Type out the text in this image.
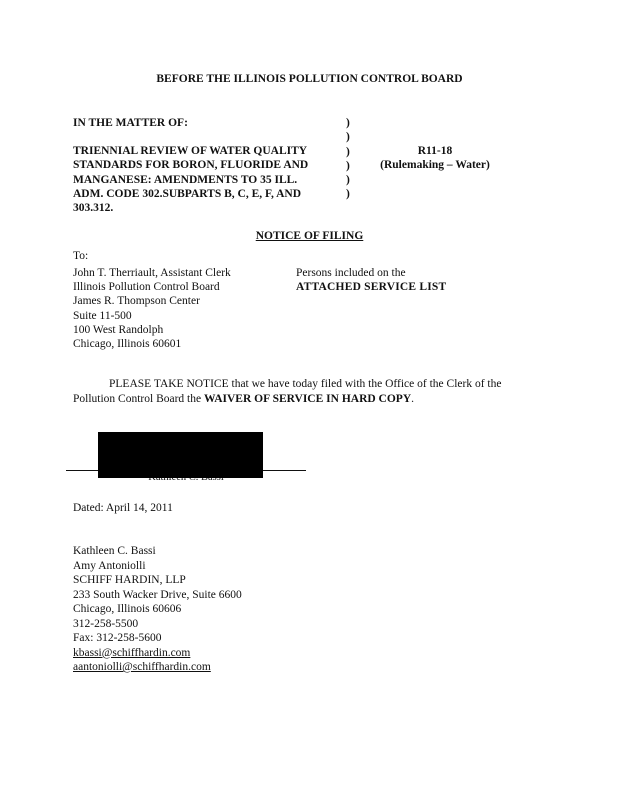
BEFORE THE ILLINOIS POLLUTION CONTROL BOARD
IN THE MATTER OF:
TRIENNIAL REVIEW OF WATER QUALITY
STANDARDS FOR BORON, FLUORIDE AND
MANGANESE: AMENDMENTS TO 35 ILL.
ADM. CODE 302.SUBPARTS B, C, E, F, AND
303.312.
)
)
)
)
)
)
R11-18
(Rulemaking – Water)
NOTICE OF FILING
To:
John T. Therriault, Assistant Clerk
Illinois Pollution Control Board
James R. Thompson Center
Suite 11-500
100 West Randolph
Chicago, Illinois 60601
Persons included on the
ATTACHED SERVICE LIST
PLEASE TAKE NOTICE that we have today filed with the Office of the Clerk of the
Pollution Control Board the WAIVER OF SERVICE IN HARD COPY.
Dated: April 14, 2011
Kathleen C. Bassi
Amy Antoniolli
SCHIFF HARDIN, LLP
233 South Wacker Drive, Suite 6600
Chicago, Illinois 60606
312-258-5500
Fax: 312-258-5600
kbassi@schiffhardin.com
aantoniolli@schiffhardin.com
